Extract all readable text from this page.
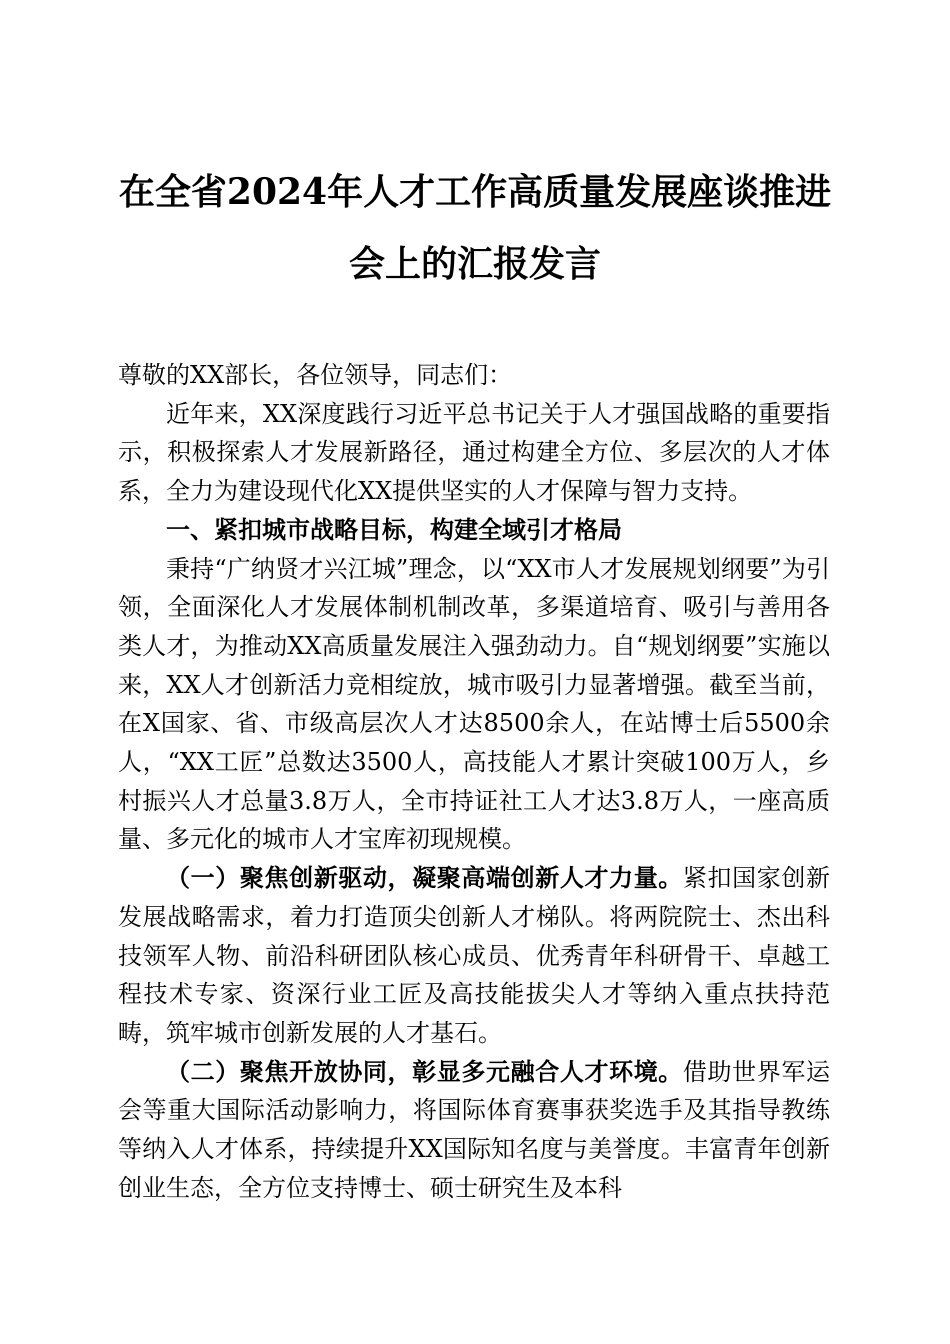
在全省2024年人才工作高质量发展座谈推进
会上的汇报发言

尊敬的XX部长，各位领导，同志们：

近年来，XX深度践行习近平总书记关于人才强国战略的重要指示，积极探索人才发展新路径，通过构建全方位、多层次的人才体系，全力为建设现代化XX提供坚实的人才保障与智力支持。

一、紧扣城市战略目标，构建全域引才格局

秉持“广纳贤才兴江城”理念，以“XX市人才发展规划纲要”为引领，全面深化人才发展体制机制改革，多渠道培育、吸引与善用各类人才，为推动XX高质量发展注入强劲动力。自“规划纲要”实施以来，XX人才创新活力竞相绽放，城市吸引力显著增强。截至当前，在X国家、省、市级高层次人才达8500余人，在站博士后5500余人，“XX工匠”总数达3500人，高技能人才累计突破100万人，乡村振兴人才总量3.8万人，全市持证社工人才达3.8万人，一座高质量、多元化的城市人才宝库初现规模。

（一）聚焦创新驱动，凝聚高端创新人才力量。紧扣国家创新发展战略需求，着力打造顶尖创新人才梯队。将两院院士、杰出科技领军人物、前沿科研团队核心成员、优秀青年科研骨干、卓越工程技术专家、资深行业工匠及高技能拔尖人才等纳入重点扶持范畴，筑牢城市创新发展的人才基石。

（二）聚焦开放协同，彰显多元融合人才环境。借助世界军运会等重大国际活动影响力，将国际体育赛事获奖选手及其指导教练等纳入人才体系，持续提升XX国际知名度与美誉度。丰富青年创新创业生态，全方位支持博士、硕士研究生及本科
